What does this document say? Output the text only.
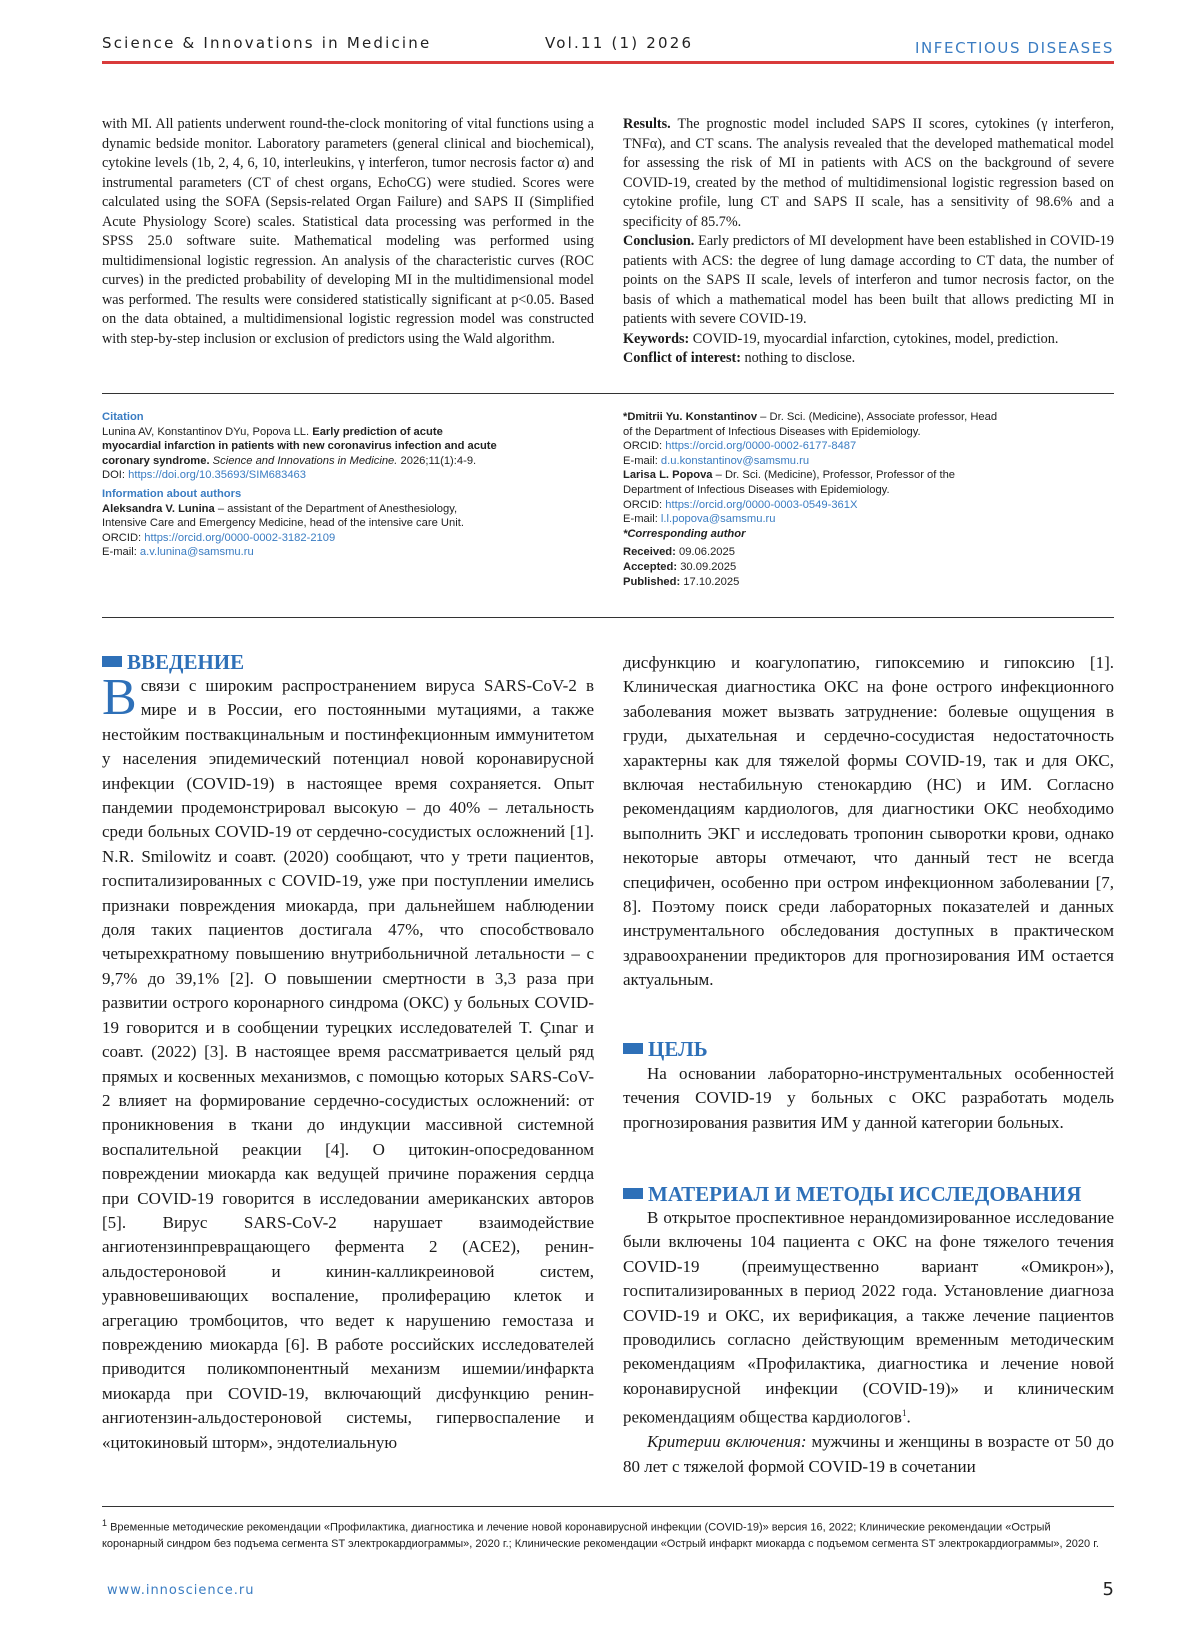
Science & Innovations in Medicine	Vol.11 (1) 2026	INFECTIOUS DISEASES

with MI. All patients underwent round-the-clock monitoring of vital functions using a dynamic bedside monitor. Laboratory parameters (general clinical and biochemical), cytokine levels (1b, 2, 4, 6, 10, interleukins, γ interferon, tumor necrosis factor α) and instrumental parameters (CT of chest organs, EchoCG) were studied. Scores were calculated using the SOFA (Sepsis-related Organ Failure) and SAPS II (Simplified Acute Physiology Score) scales. Statistical data processing was performed in the SPSS 25.0 software suite. Mathematical modeling was performed using multidimensional logistic regression. An analysis of the characteristic curves (ROC curves) in the predicted probability of developing MI in the multidimensional model was performed. The results were considered statistically significant at p<0.05. Based on the data obtained, a multidimensional logistic regression model was constructed with step-by-step inclusion or exclusion of predictors using the Wald algorithm.

Results. The prognostic model included SAPS II scores, cytokines (γ interferon, TNFα), and CT scans. The analysis revealed that the developed mathematical model for assessing the risk of MI in patients with ACS on the background of severe COVID-19, created by the method of multidimensional logistic regression based on cytokine profile, lung CT and SAPS II scale, has a sensitivity of 98.6% and a specificity of 85.7%.

Conclusion. Early predictors of MI development have been established in COVID-19 patients with ACS: the degree of lung damage according to CT data, the number of points on the SAPS II scale, levels of interferon and tumor necrosis factor, on the basis of which a mathematical model has been built that allows predicting MI in patients with severe COVID-19.

Keywords: COVID-19, myocardial infarction, cytokines, model, prediction.

Conflict of interest: nothing to disclose.

Citation

Lunina AV, Konstantinov DYu, Popova LL. Early prediction of acute myocardial infarction in patients with new coronavirus infection and acute coronary syndrome. Science and Innovations in Medicine. 2026;11(1):4-9. DOI: https://doi.org/10.35693/SIM683463

Information about authors

Aleksandra V. Lunina – assistant of the Department of Anesthesiology, Intensive Care and Emergency Medicine, head of the intensive care Unit.

ORCID: https://orcid.org/0000-0002-3182-2109

E-mail: a.v.lunina@samsmu.ru

*Dmitrii Yu. Konstantinov – Dr. Sci. (Medicine), Associate professor, Head of the Department of Infectious Diseases with Epidemiology.

ORCID: https://orcid.org/0000-0002-6177-8487

E-mail: d.u.konstantinov@samsmu.ru

Larisa L. Popova – Dr. Sci. (Medicine), Professor, Professor of the Department of Infectious Diseases with Epidemiology.

ORCID: https://orcid.org/0000-0003-0549-361X

E-mail: l.l.popova@samsmu.ru

*Corresponding author

Received: 09.06.2025

Accepted: 30.09.2025

Published: 17.10.2025

ВВЕДЕНИЕ

Всвязи с широким распространением вируса SARS-CoV-2 в мире и в России, его постоянными мутациями, а также нестойким поствакцинальным и постинфекционным иммунитетом у населения эпидемический потенциал новой коронавирусной инфекции (COVID-19) в настоящее время сохраняется. Опыт пандемии продемонстрировал высокую – до 40% – летальность среди больных COVID-19 от сердечно-сосудистых осложнений [1]. N.R. Smilowitz и соавт. (2020) сообщают, что у трети пациентов, госпитализированных с COVID-19, уже при поступлении имелись признаки повреждения миокарда, при дальнейшем наблюдении доля таких пациентов достигала 47%, что способствовало четырехкратному повышению внутрибольничной летальности – с 9,7% до 39,1% [2]. О повышении смертности в 3,3 раза при развитии острого коронарного синдрома (ОКС) у больных COVID-19 говорится и в сообщении турецких исследователей T. Çınar и соавт. (2022) [3]. В настоящее время рассматривается целый ряд прямых и косвенных механизмов, с помощью которых SARS-CoV-2 влияет на формирование сердечно-сосудистых осложнений: от проникновения в ткани до индукции массивной системной воспалительной реакции [4]. О цитокин-опосредованном повреждении миокарда как ведущей причине поражения сердца при COVID-19 говорится в исследовании американских авторов [5]. Вирус SARS-CoV-2 нарушает взаимодействие ангиотензинпревращающего фермента 2 (ACE2), ренин-альдостероновой и кинин-калликреиновой систем, уравновешивающих воспаление, пролиферацию клеток и агрегацию тромбоцитов, что ведет к нарушению гемостаза и повреждению миокарда [6]. В работе российских исследователей приводится поликомпонентный механизм ишемии/инфаркта миокарда при COVID-19, включающий дисфункцию ренин-ангиотензин-альдостероновой системы, гипервоспаление и «цитокиновый шторм», эндотелиальную

дисфункцию и коагулопатию, гипоксемию и гипоксию [1]. Клиническая диагностика ОКС на фоне острого инфекционного заболевания может вызвать затруднение: болевые ощущения в груди, дыхательная и сердечно-сосудистая недостаточность характерны как для тяжелой формы COVID-19, так и для ОКС, включая нестабильную стенокардию (НС) и ИМ. Согласно рекомендациям кардиологов, для диагностики ОКС необходимо выполнить ЭКГ и исследовать тропонин сыворотки крови, однако некоторые авторы отмечают, что данный тест не всегда специфичен, особенно при остром инфекционном заболевании [7, 8]. Поэтому поиск среди лабораторных показателей и данных инструментального обследования доступных в практическом здравоохранении предикторов для прогнозирования ИМ остается актуальным.

ЦЕЛЬ

На основании лабораторно-инструментальных особенностей течения COVID-19 у больных с ОКС разработать модель прогнозирования развития ИМ у данной категории больных.

МАТЕРИАЛ И МЕТОДЫ ИССЛЕДОВАНИЯ

В открытое проспективное нерандомизированное исследование были включены 104 пациента с ОКС на фоне тяжелого течения COVID-19 (преимущественно вариант «Омикрон»), госпитализированных в период 2022 года. Установление диагноза COVID-19 и ОКС, их верификация, а также лечение пациентов проводились согласно действующим временным методическим рекомендациям «Профилактика, диагностика и лечение новой коронавирусной инфекции (COVID-19)» и клиническим рекомендациям общества кардиологов$^1$.

Критерии включения: мужчины и женщины в возрасте от 50 до 80 лет с тяжелой формой COVID-19 в сочетании

$^1$ Временные методические рекомендации «Профилактика, диагностика и лечение новой коронавирусной инфекции (COVID-19)» версия 16, 2022; Клинические рекомендации «Острый коронарный синдром без подъема сегмента ST электрокардиограммы», 2020 г.; Клинические рекомендации «Острый инфаркт миокарда с подъемом сегмента ST электрокардиограммы», 2020 г.
www.innoscience.ru	5
